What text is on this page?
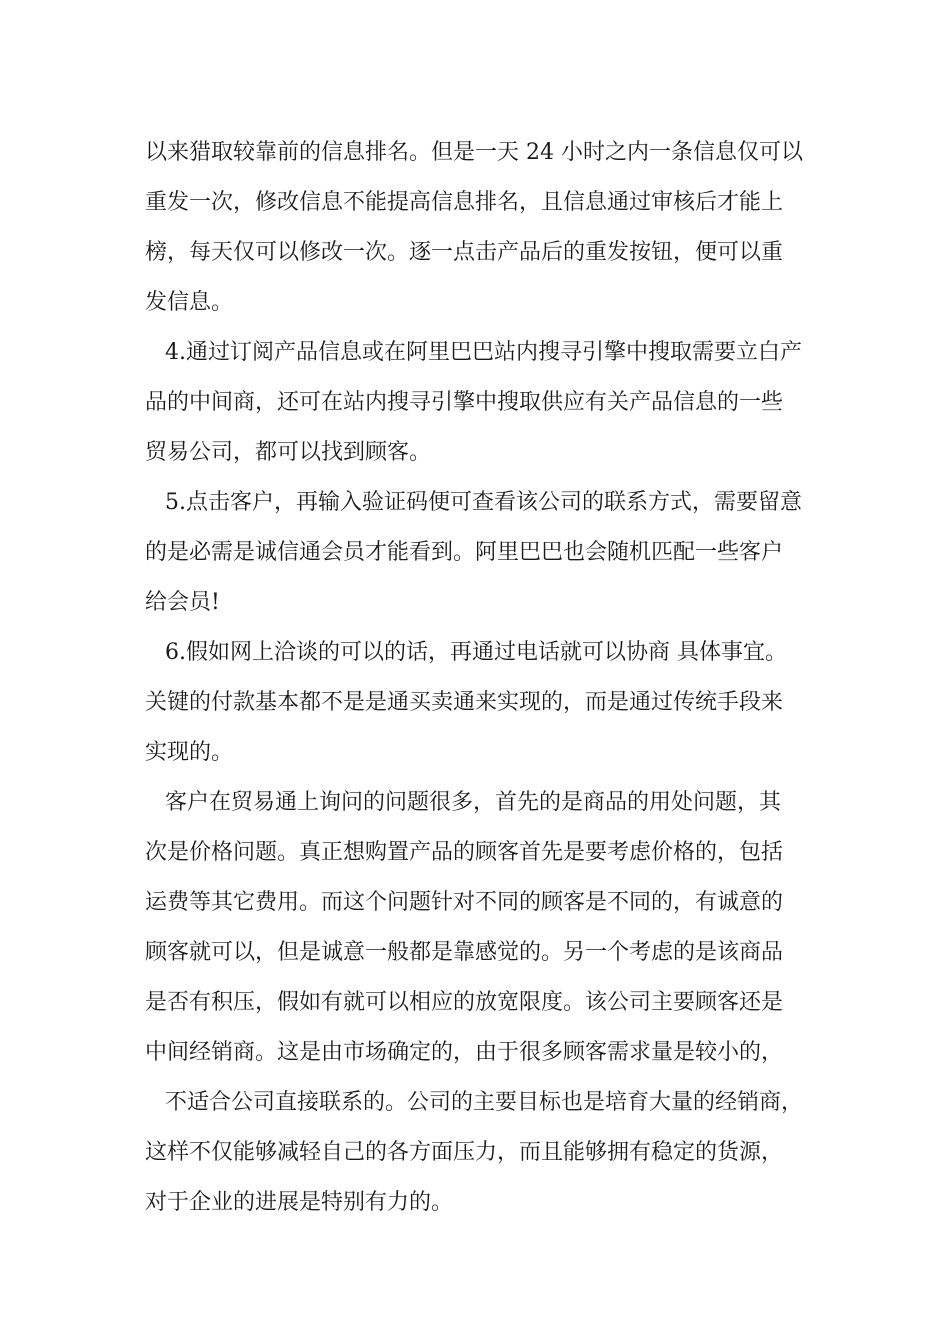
以来猎取较靠前的信息排名。但是一天 24 小时之内一条信息仅可以
重发一次，修改信息不能提高信息排名，且信息通过审核后才能上
榜，每天仅可以修改一次。逐一点击产品后的重发按钮，便可以重
发信息。
4.通过订阅产品信息或在阿里巴巴站内搜寻引擎中搜取需要立白产
品的中间商，还可在站内搜寻引擎中搜取供应有关产品信息的一些
贸易公司，都可以找到顾客。
5.点击客户，再输入验证码便可查看该公司的联系方式，需要留意
的是必需是诚信通会员才能看到。阿里巴巴也会随机匹配一些客户
给会员!
6.假如网上洽谈的可以的话，再通过电话就可以协商 具体事宜。
关键的付款基本都不是是通买卖通来实现的，而是通过传统手段来
实现的。
客户在贸易通上询问的问题很多，首先的是商品的用处问题，其
次是价格问题。真正想购置产品的顾客首先是要考虑价格的，包括
运费等其它费用。而这个问题针对不同的顾客是不同的，有诚意的
顾客就可以，但是诚意一般都是靠感觉的。另一个考虑的是该商品
是否有积压，假如有就可以相应的放宽限度。该公司主要顾客还是
中间经销商。这是由市场确定的，由于很多顾客需求量是较小的，
不适合公司直接联系的。公司的主要目标也是培育大量的经销商，
这样不仅能够减轻自己的各方面压力，而且能够拥有稳定的货源，
对于企业的进展是特别有力的。
